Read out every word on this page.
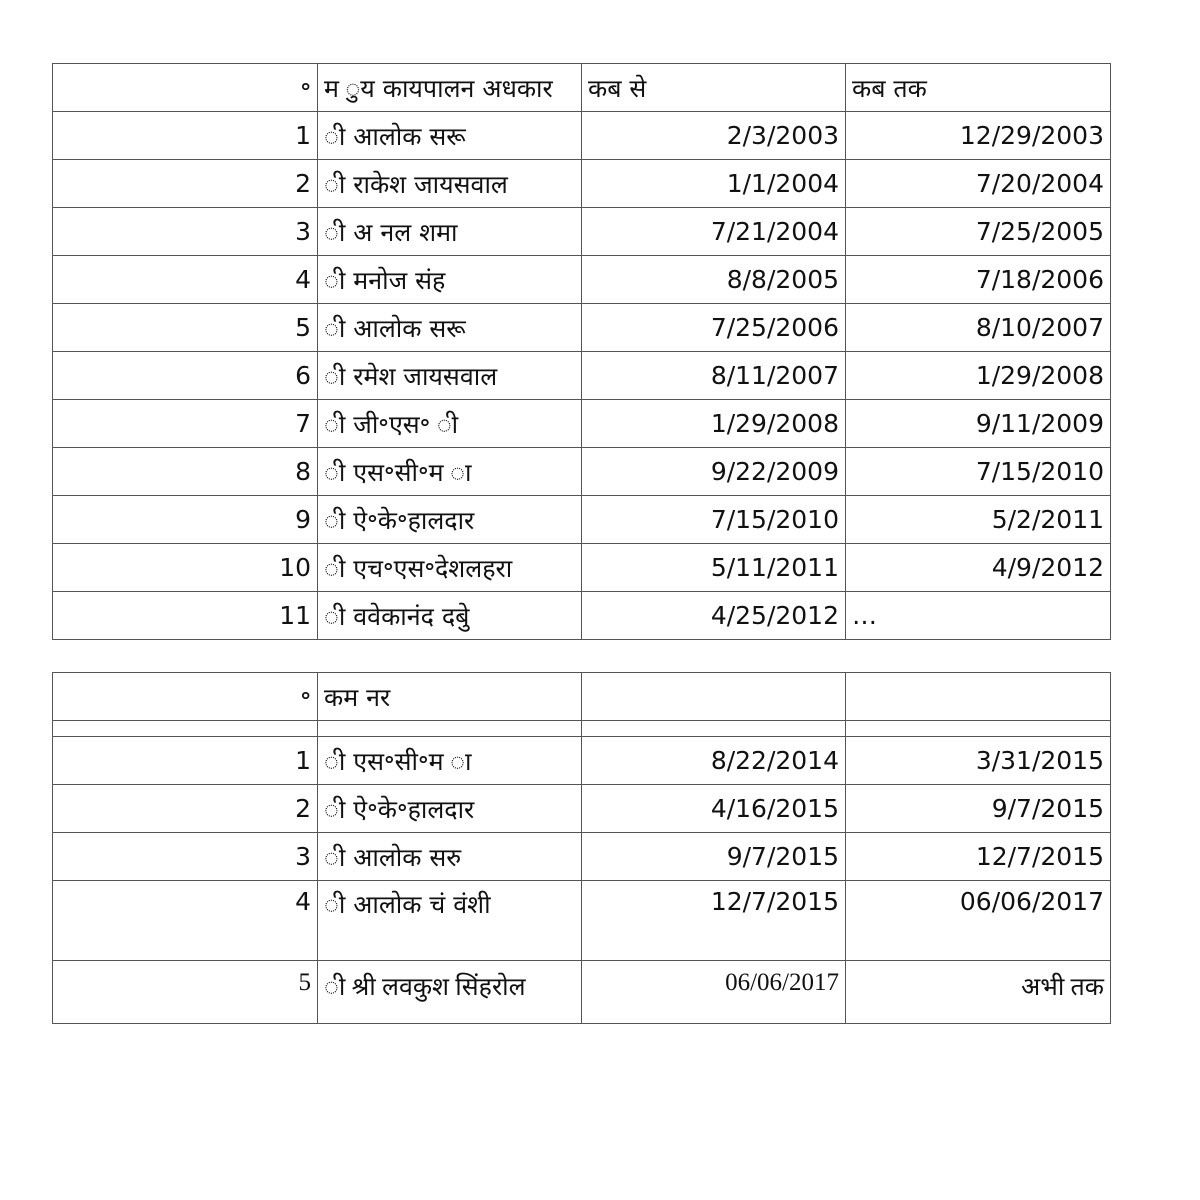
॰	म ुय कायपालन अधकार	कब से	कब तक
1	ी आलोक सरू	2/3/2003	12/29/2003
2	ी राकेश जायसवाल	1/1/2004	7/20/2004
3	ी अ नल शमा	7/21/2004	7/25/2005
4	ी मनोज संह	8/8/2005	7/18/2006
5	ी आलोक सरू	7/25/2006	8/10/2007
6	ी रमेश जायसवाल	8/11/2007	1/29/2008
7	ी जी॰एस॰ ी	1/29/2008	9/11/2009
8	ी एस॰सी॰म ा	9/22/2009	7/15/2010
9	ी ऐ॰के॰हालदार	7/15/2010	5/2/2011
10	ी एच॰एस॰देशलहरा	5/11/2011	4/9/2012
11	ी ववेकानंद दबेु	4/25/2012	…
॰	कम नर		

1	ी एस॰सी॰म ा	8/22/2014	3/31/2015
2	ी ऐ॰के॰हालदार	4/16/2015	9/7/2015
3	ी आलोक सरु	9/7/2015	12/7/2015
4	ी आलोक चं वंशी	12/7/2015	06/06/2017
5	ी श्री लवकुश सिंहरोल	06/06/2017	अभी तक
